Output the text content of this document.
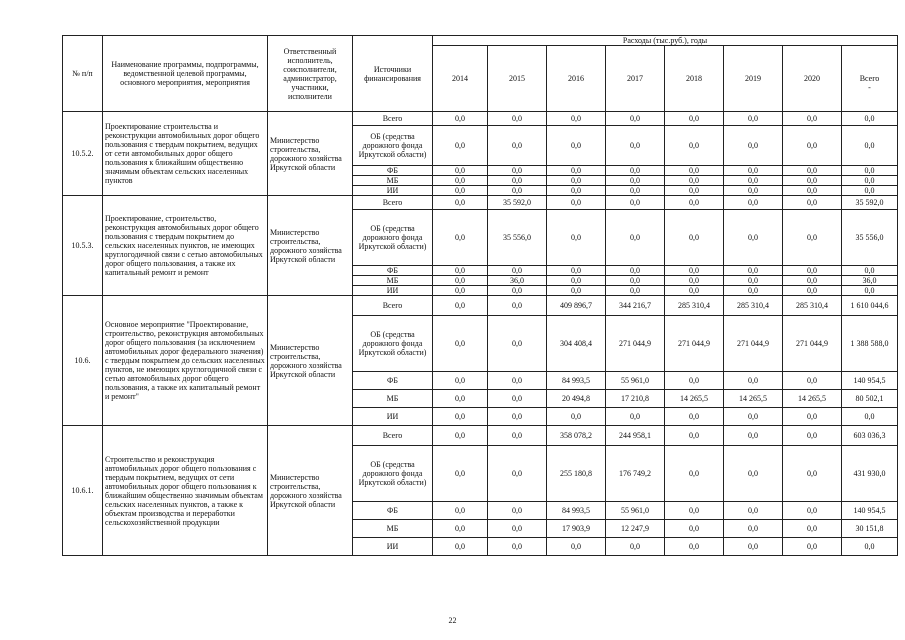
№ п/п	Наименование программы, подпрограммы, ведомственной целевой программы, основного мероприятия, мероприятия	Ответственный исполнитель, соисполнители, администратор, участники, исполнители	Источники финансирования	Расходы (тыс.руб.), годы							
				2014	2015	2016	2017	2018	2019	2020	Всего
-

10.5.2.	Проектирование строительства и реконструкции автомобильных дорог общего пользования с твердым покрытием, ведущих от сети автомобильных дорог общего пользования к ближайшим общественно значимым объектам сельских населенных пунктов	Министерство строительства, дорожного хозяйства Иркутской области	Всего	0,0	0,0	0,0	0,0	0,0	0,0	0,0	0,0
			ОБ (средства дорожного фонда Иркутской области)	0,0	0,0	0,0	0,0	0,0	0,0	0,0	0,0
			ФБ	0,0	0,0	0,0	0,0	0,0	0,0	0,0	0,0
			МБ	0,0	0,0	0,0	0,0	0,0	0,0	0,0	0,0
			ИИ	0,0	0,0	0,0	0,0	0,0	0,0	0,0	0,0
10.5.3.	Проектирование, строительство, реконструкция автомобильных дорог общего пользования с твердым покрытием до сельских населенных пунктов, не имеющих круглогодичной связи с сетью автомобильных дорог общего пользования, а также их капитальный ремонт и ремонт	Министерство строительства, дорожного хозяйства Иркутской области	Всего	0,0	35 592,0	0,0	0,0	0,0	0,0	0,0	35 592,0
			ОБ (средства дорожного фонда Иркутской области)	0,0	35 556,0	0,0	0,0	0,0	0,0	0,0	35 556,0
			ФБ	0,0	0,0	0,0	0,0	0,0	0,0	0,0	0,0
			МБ	0,0	36,0	0,0	0,0	0,0	0,0	0,0	36,0
			ИИ	0,0	0,0	0,0	0,0	0,0	0,0	0,0	0,0
10.6.	Основное мероприятие "Проектирование, строительство, реконструкция автомобильных дорог общего пользования (за исключением автомобильных дорог федерального значения) с твердым покрытием до сельских населенных пунктов, не имеющих круглогодичной связи с сетью автомобильных дорог общего пользования, а также их капитальный ремонт и ремонт"	Министерство строительства, дорожного хозяйства Иркутской области	Всего	0,0	0,0	409 896,7	344 216,7	285 310,4	285 310,4	285 310,4	1 610 044,6
			ОБ (средства дорожного фонда Иркутской области)	0,0	0,0	304 408,4	271 044,9	271 044,9	271 044,9	271 044,9	1 388 588,0
			ФБ	0,0	0,0	84 993,5	55 961,0	0,0	0,0	0,0	140 954,5
			МБ	0,0	0,0	20 494,8	17 210,8	14 265,5	14 265,5	14 265,5	80 502,1
			ИИ	0,0	0,0	0,0	0,0	0,0	0,0	0,0	0,0
10.6.1.	Строительство и реконструкция автомобильных дорог общего пользования с твердым покрытием, ведущих от сети автомобильных дорог общего пользования к ближайшим общественно значимым объектам сельских населенных пунктов, а также к объектам производства и переработки сельскохозяйственной продукции	Министерство строительства, дорожного хозяйства Иркутской области	Всего	0,0	0,0	358 078,2	244 958,1	0,0	0,0	0,0	603 036,3
			ОБ (средства дорожного фонда Иркутской области)	0,0	0,0	255 180,8	176 749,2	0,0	0,0	0,0	431 930,0
			ФБ	0,0	0,0	84 993,5	55 961,0	0,0	0,0	0,0	140 954,5
			МБ	0,0	0,0	17 903,9	12 247,9	0,0	0,0	0,0	30 151,8
			ИИ	0,0	0,0	0,0	0,0	0,0	0,0	0,0	0,0
22
